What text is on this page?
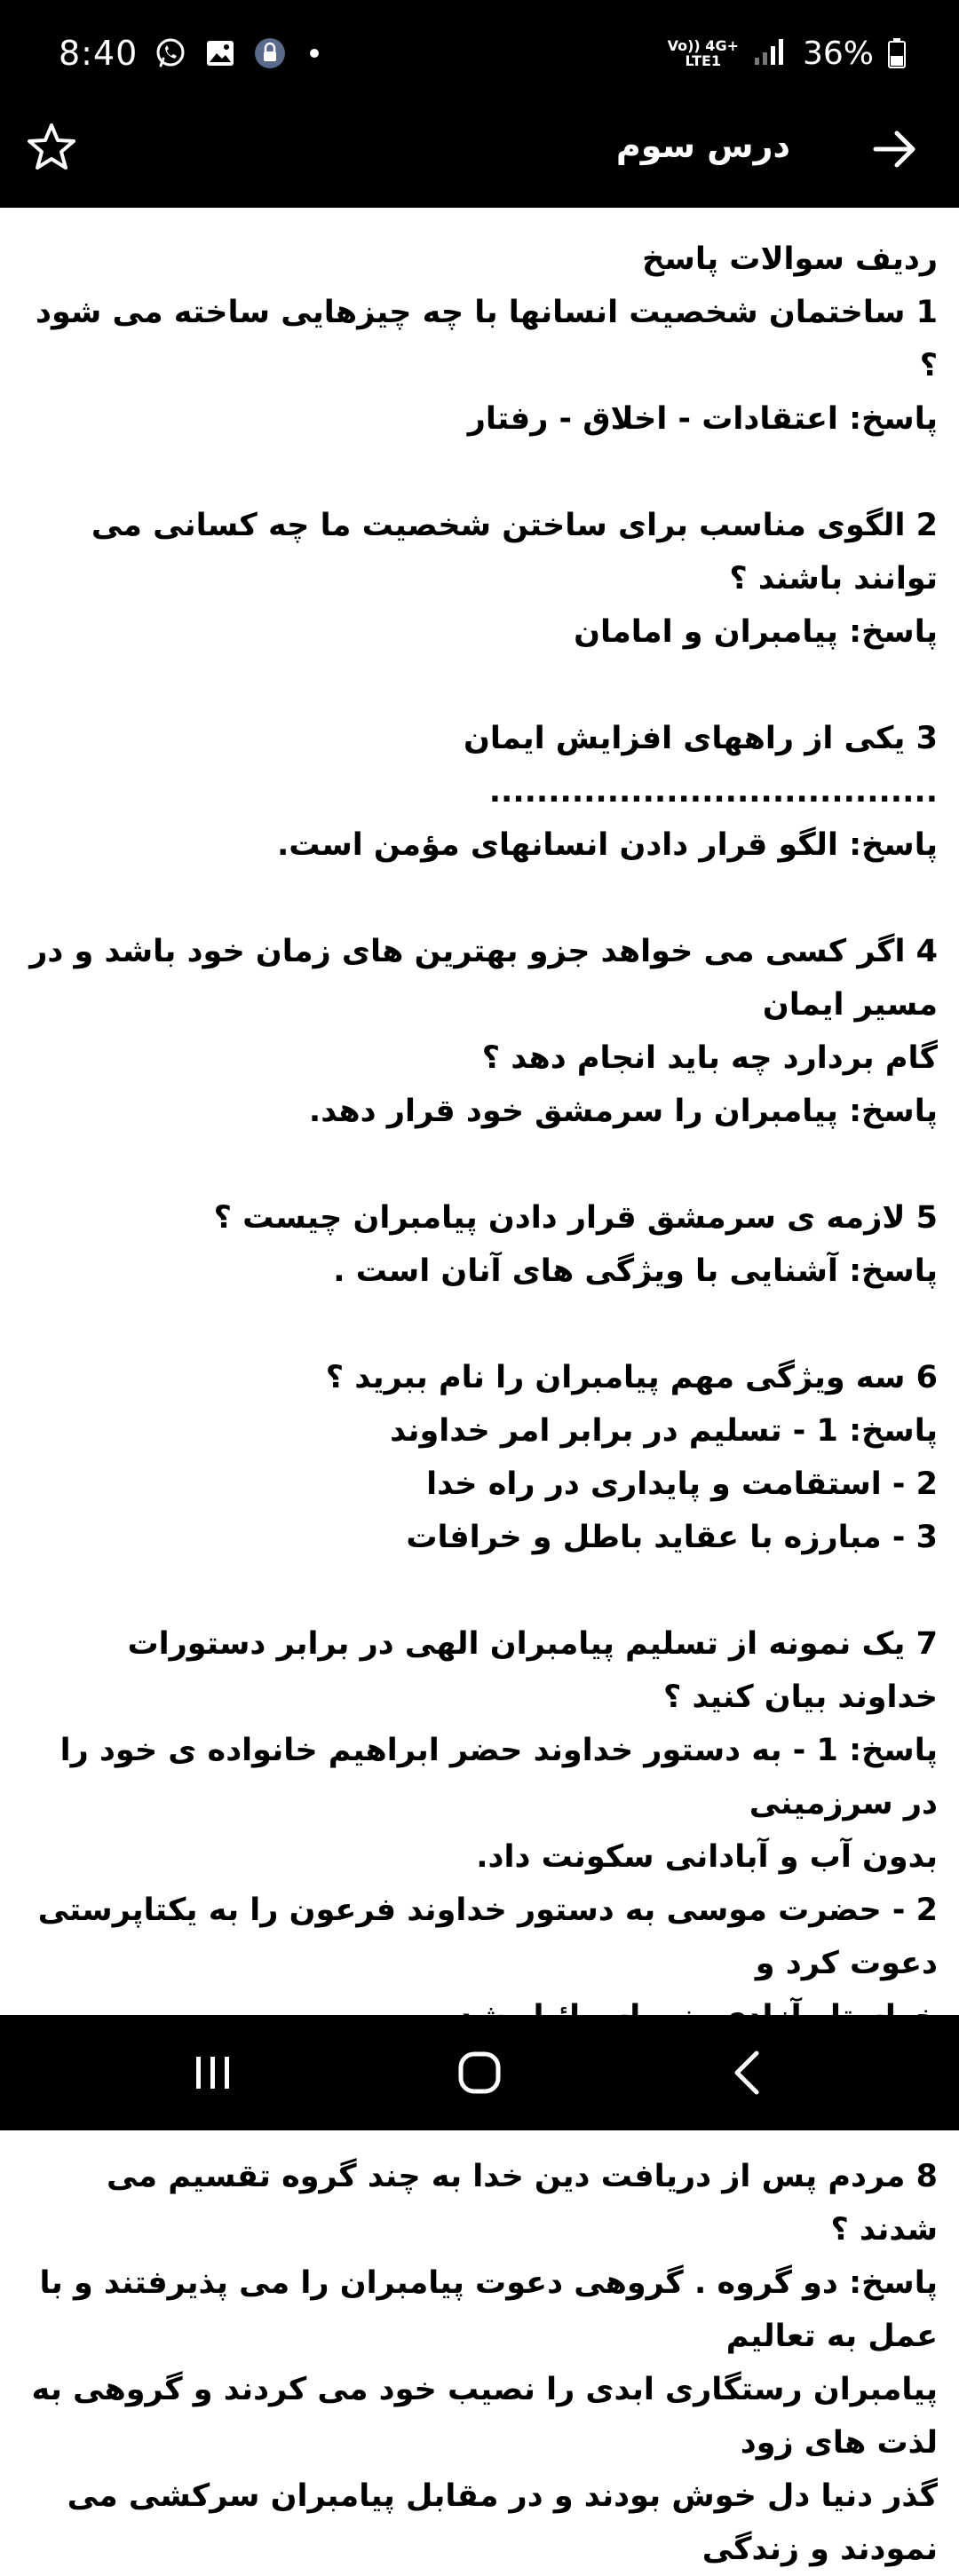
8:40	Vo)) 4G+
LTE1	36%
درس سوم
ردیف سوالات پاسخ
1 ساختمان شخصیت انسانها با چه چیزهایی ساخته می شود ؟
پاسخ: اعتقادات - اخلاق - رفتار
2 الگوی مناسب برای ساختن شخصیت ما چه کسانی می توانند باشند ؟
پاسخ: پیامبران و امامان
3 یکی از راههای افزایش ایمان ......................................
پاسخ: الگو قرار دادن انسانهای مؤمن است.
4 اگر کسی می خواهد جزو بهترین های زمان خود باشد و در مسیر ایمان
گام بردارد چه باید انجام دهد ؟
پاسخ: پیامبران را سرمشق خود قرار دهد.
5 لازمه ی سرمشق قرار دادن پیامبران چیست ؟
پاسخ: آشنایی با ویژگی های آنان است .
6 سه ویژگی مهم پیامبران را نام ببرید ؟
پاسخ: 1 - تسلیم در برابر امر خداوند
2 - استقامت و پایداری در راه خدا
3 - مبارزه با عقاید باطل و خرافات
7 یک نمونه از تسلیم پیامبران الهی در برابر دستورات خداوند بیان کنید ؟
پاسخ: 1 - به دستور خداوند حضر ابراهیم خانواده ی خود را در سرزمینی
بدون آب و آبادانی سکونت داد.
2 - حضرت موسی به دستور خداوند فرعون را به یکتاپرستی دعوت کرد و
8 مردم پس از دریافت دین خدا به چند گروه تقسیم می شدند ؟
پاسخ: دو گروه . گروهی دعوت پیامبران را می پذیرفتند و با عمل به تعالیم
پیامبران رستگاری ابدی را نصیب خود می کردند و گروهی به لذت های زود
گذر دنیا دل خوش بودند و در مقابل پیامبران سرکشی می نمودند و زندگی
